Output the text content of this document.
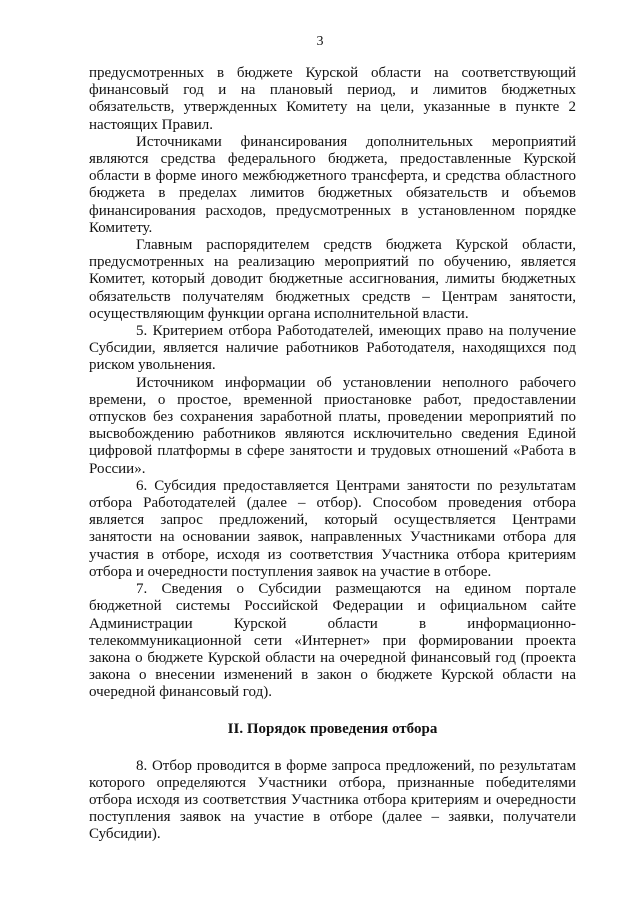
3

предусмотренных в бюджете Курской области на соответствующий финансовый год и на плановый период, и лимитов бюджетных обязательств, утвержденных Комитету на цели, указанные в пункте 2 настоящих Правил.

Источниками финансирования дополнительных мероприятий являются средства федерального бюджета, предоставленные Курской области в форме иного межбюджетного трансферта, и средства областного бюджета в пределах лимитов бюджетных обязательств и объемов финансирования расходов, предусмотренных в установленном порядке Комитету.

Главным распорядителем средств бюджета Курской области, предусмотренных на реализацию мероприятий по обучению, является Комитет, который доводит бюджетные ассигнования, лимиты бюджетных обязательств получателям бюджетных средств – Центрам занятости, осуществляющим функции органа исполнительной власти.

5. Критерием отбора Работодателей, имеющих право на получение Субсидии, является наличие работников Работодателя, находящихся под риском увольнения.

Источником информации об установлении неполного рабочего времени, о простое, временной приостановке работ, предоставлении отпусков без сохранения заработной платы, проведении мероприятий по высвобождению работников являются исключительно сведения Единой цифровой платформы в сфере занятости и трудовых отношений «Работа в России».

6. Субсидия предоставляется Центрами занятости по результатам отбора Работодателей (далее – отбор). Способом проведения отбора является запрос предложений, который осуществляется Центрами занятости на основании заявок, направленных Участниками отбора для участия в отборе, исходя из соответствия Участника отбора критериям отбора и очередности поступления заявок на участие в отборе.

7. Сведения о Субсидии размещаются на едином портале бюджетной системы Российской Федерации и официальном сайте Администрации Курской области в информационно-телекоммуникационной сети «Интернет» при формировании проекта закона о бюджете Курской области на очередной финансовый год (проекта закона о внесении изменений в закон о бюджете Курской области на очередной финансовый год).

II. Порядок проведения отбора

8. Отбор проводится в форме запроса предложений, по результатам которого определяются Участники отбора, признанные победителями отбора исходя из соответствия Участника отбора критериям и очередности поступления заявок на участие в отборе (далее – заявки, получатели Субсидии).
